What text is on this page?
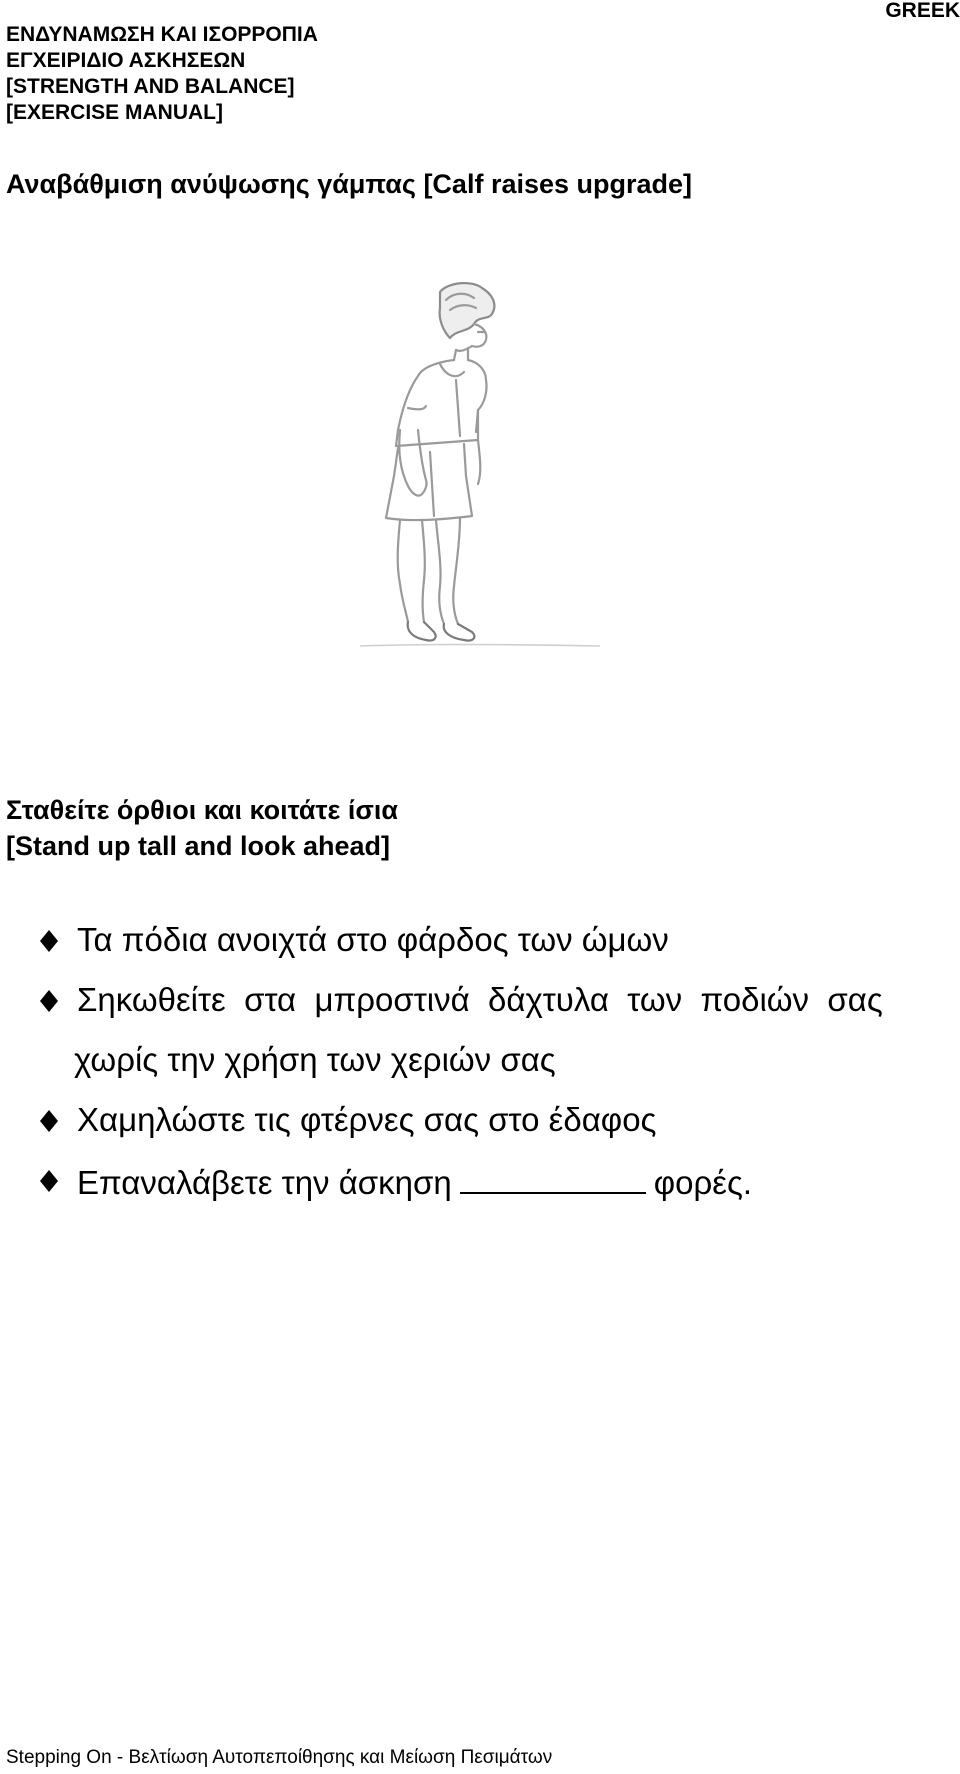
ΕΝΔΥΝΑΜΩΣΗ ΚΑΙ ΙΣΟΡΡΟΠΙΑ
ΕΓΧΕΙΡΙΔΙΟ ΑΣΚΗΣΕΩΝ
[STRENGTH AND BALANCE]
[EXERCISE MANUAL]
GREEK
Αναβάθμιση ανύψωσης γάμπας [Calf raises upgrade]
Σταθείτε όρθιοι και κοιτάτε ίσια
[Stand up tall and look ahead]
Τα πόδια ανοιχτά στο φάρδος των ώμων
Σηκωθείτε  στα  μπροστινά  δάχτυλα  των  ποδιών  σας
χωρίς την χρήση των χεριών σας
Χαμηλώστε τις φτέρνες σας στο έδαφος
Επαναλάβετε την άσκηση	φορές.
Stepping On - Βελτίωση Αυτοπεποίθησης και Μείωση Πεσιμάτων
